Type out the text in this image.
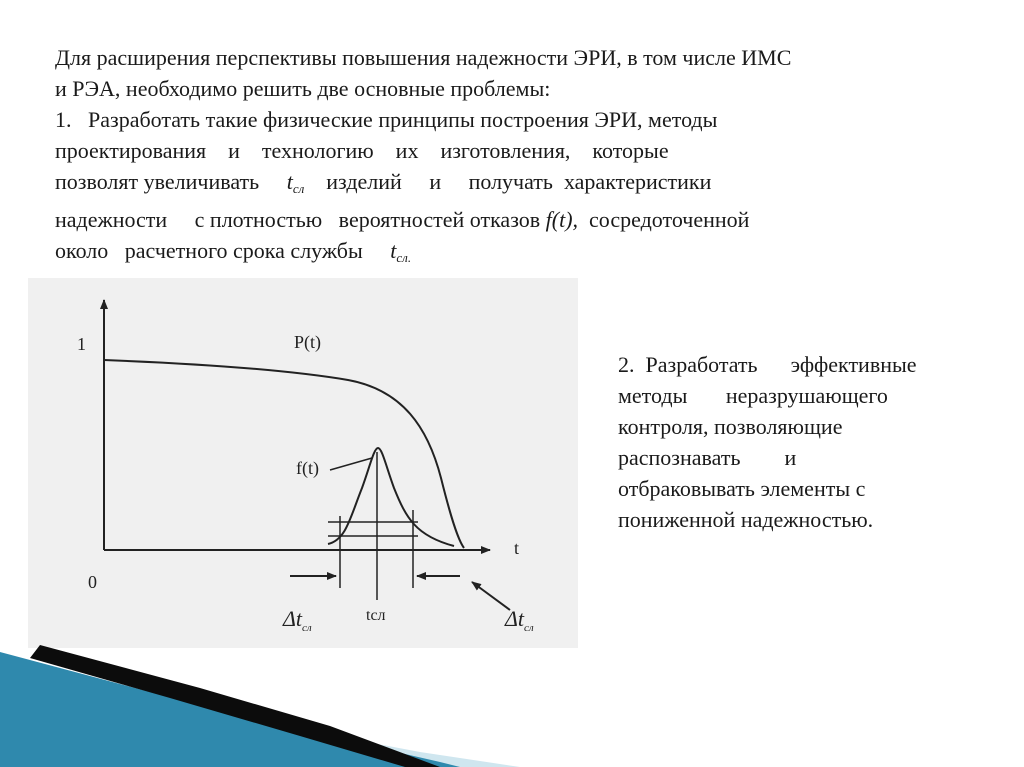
Для расширения перспективы повышения надежности ЭРИ, в том числе ИМС
и РЭА, необходимо решить две основные проблемы:
1.   Разработать такие физические принципы построения ЭРИ, методы
проектирования    и    технологию    их    изготовления,    которые
позволят увеличивать     $t_{сл}$    изделий     и     получать  характеристики
надежности     с плотностью   вероятностей отказов f(t),  сосредоточенной
около   расчетного срока службы     $t_{сл.}$

1
0
P(t)
f(t)
t
tсл
$\Delta t_{сл}$	$\Delta t_{сл}$

2.  Разработать      эффективные
методы       неразрушающего
контроля, позволяющие
распознавать        и
отбраковывать элементы с
пониженной надежностью.
